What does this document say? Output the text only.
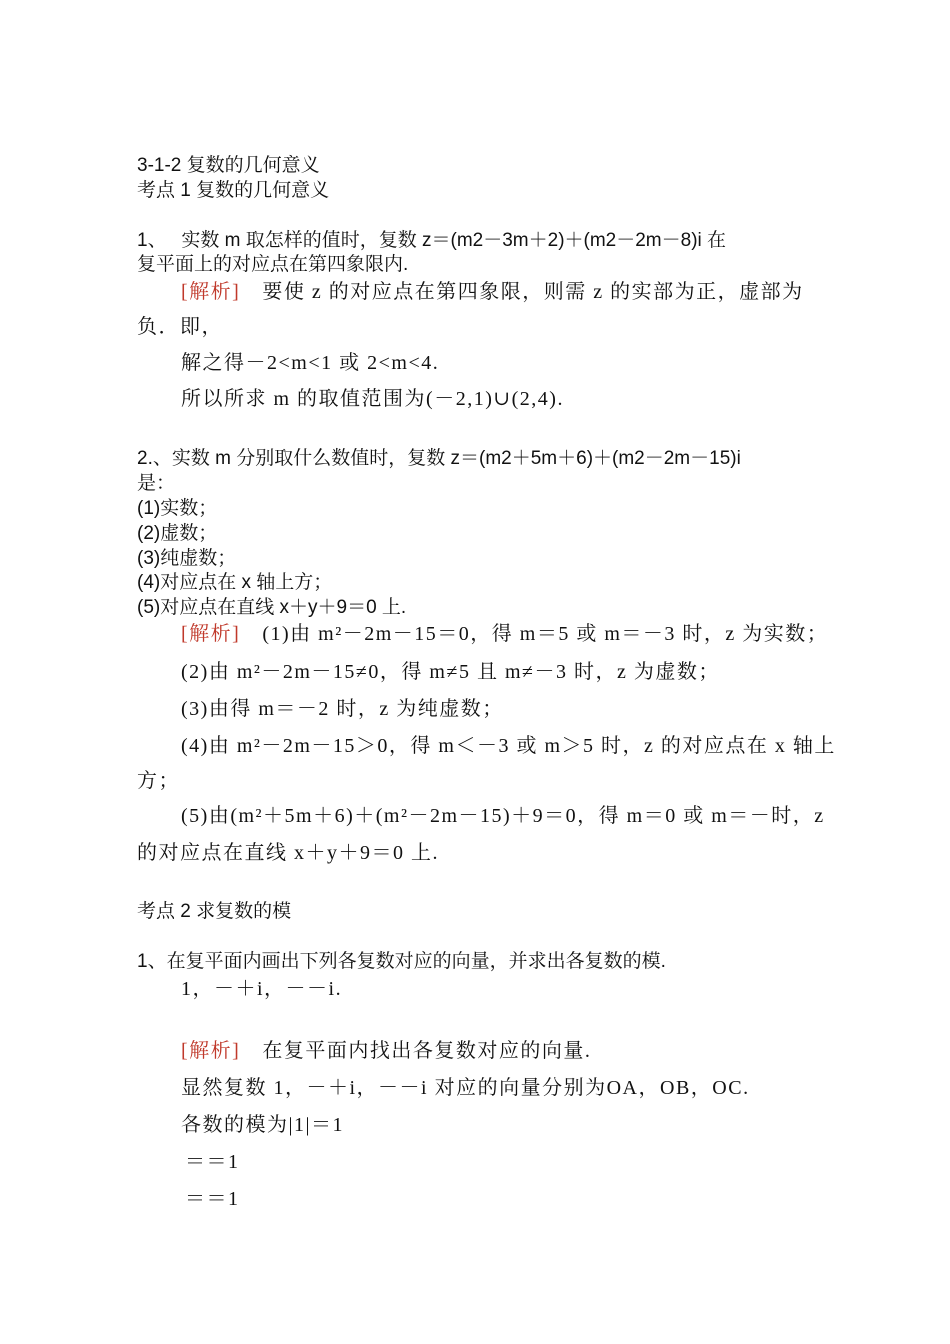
3-1-2 复数的几何意义
考点 1 复数的几何意义
1、　 实数 m 取怎样的值时，复数 z＝(m2－3m＋2)＋(m2－2m－8)i 在
复平面上的对应点在第四象限内.
[解析] 要使 z 的对应点在第四象限，则需 z 的实部为正，虚部为
负．即，
解之得－2<m<1 或 2<m<4.
所以所求 m 的取值范围为(－2,1)∪(2,4).
2.、实数 m 分别取什么数值时，复数 z＝(m2＋5m＋6)＋(m2－2m－15)i
是：
(1)实数；
(2)虚数；
(3)纯虚数；
(4)对应点在 x 轴上方；
(5)对应点在直线 x＋y＋9＝0 上.
[解析] (1)由 m²－2m－15＝0，得 m＝5 或 m＝－3 时，z 为实数；
(2)由 m²－2m－15≠0，得 m≠5 且 m≠－3 时，z 为虚数；
(3)由得 m＝－2 时，z 为纯虚数；
(4)由 m²－2m－15＞0，得 m＜－3 或 m＞5 时，z 的对应点在 x 轴上
方；
(5)由(m²＋5m＋6)＋(m²－2m－15)＋9＝0，得 m＝0 或 m＝－时，z
的对应点在直线 x＋y＋9＝0 上.
考点 2 求复数的模
1、在复平面内画出下列各复数对应的向量，并求出各复数的模.
1，－＋i，－－i.
[解析] 在复平面内找出各复数对应的向量.
显然复数 1，－＋i，－－i 对应的向量分别为OA，OB，OC.
各数的模为|1|＝1
＝＝1
＝＝1
